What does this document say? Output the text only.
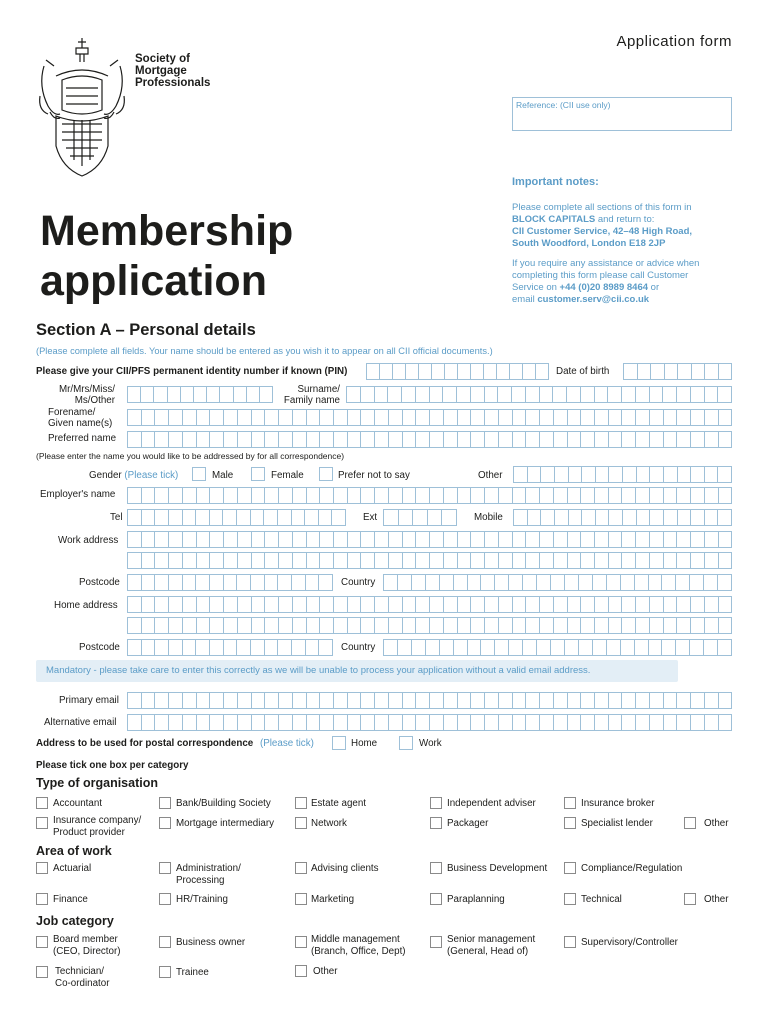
Society of
Mortgage
Professionals
Application form
Reference: (CII use only)
Important notes:

Please complete all sections of this form in
BLOCK CAPITALS and return to:
CII Customer Service, 42–48 High Road,
South Woodford, London E18 2JP

If you require any assistance or advice when
completing this form please call Customer
Service on +44 (0)20 8989 8464 or
email customer.serv@cii.co.uk

Membership
application
Section A – Personal details
(Please complete all fields. Your name should be entered as you wish it to appear on all CII official documents.)
Please give your CII/PFS permanent identity number if known (PIN)	Date of birth
Mr/Mrs/Miss/
Ms/Other
Surname/
Family name
Forename/
Given name(s)
Preferred name
(Please enter the name you would like to be addressed by for all correspondence)
Gender (Please tick)	Male	Female	Prefer not to say	Other
Employer's name
Tel	Ext	Mobile
Work address
Postcode	Country
Home address
Postcode	Country
Mandatory - please take care to enter this correctly as we will be unable to process your application without a valid email address.
Primary email
Alternative email
Address to be used for postal correspondence (Please tick)	Home	Work
Please tick one box per category
Type of organisation
Accountant	Bank/Building Society	Estate agent	Independent adviser	Insurance broker
Insurance company/
Product provider
Mortgage intermediary	Network	Packager	Specialist lender	Other
Area of work
Actuarial	Administration/
Processing
Advising clients	Business Development	Compliance/Regulation
Finance	HR/Training	Marketing	Paraplanning	Technical	Other
Job category
Board member
(CEO, Director)
Business owner	Middle management
(Branch, Office, Dept)
Senior management
(General, Head of)
Supervisory/Controller
Technician/
Co-ordinator
Trainee	Other
